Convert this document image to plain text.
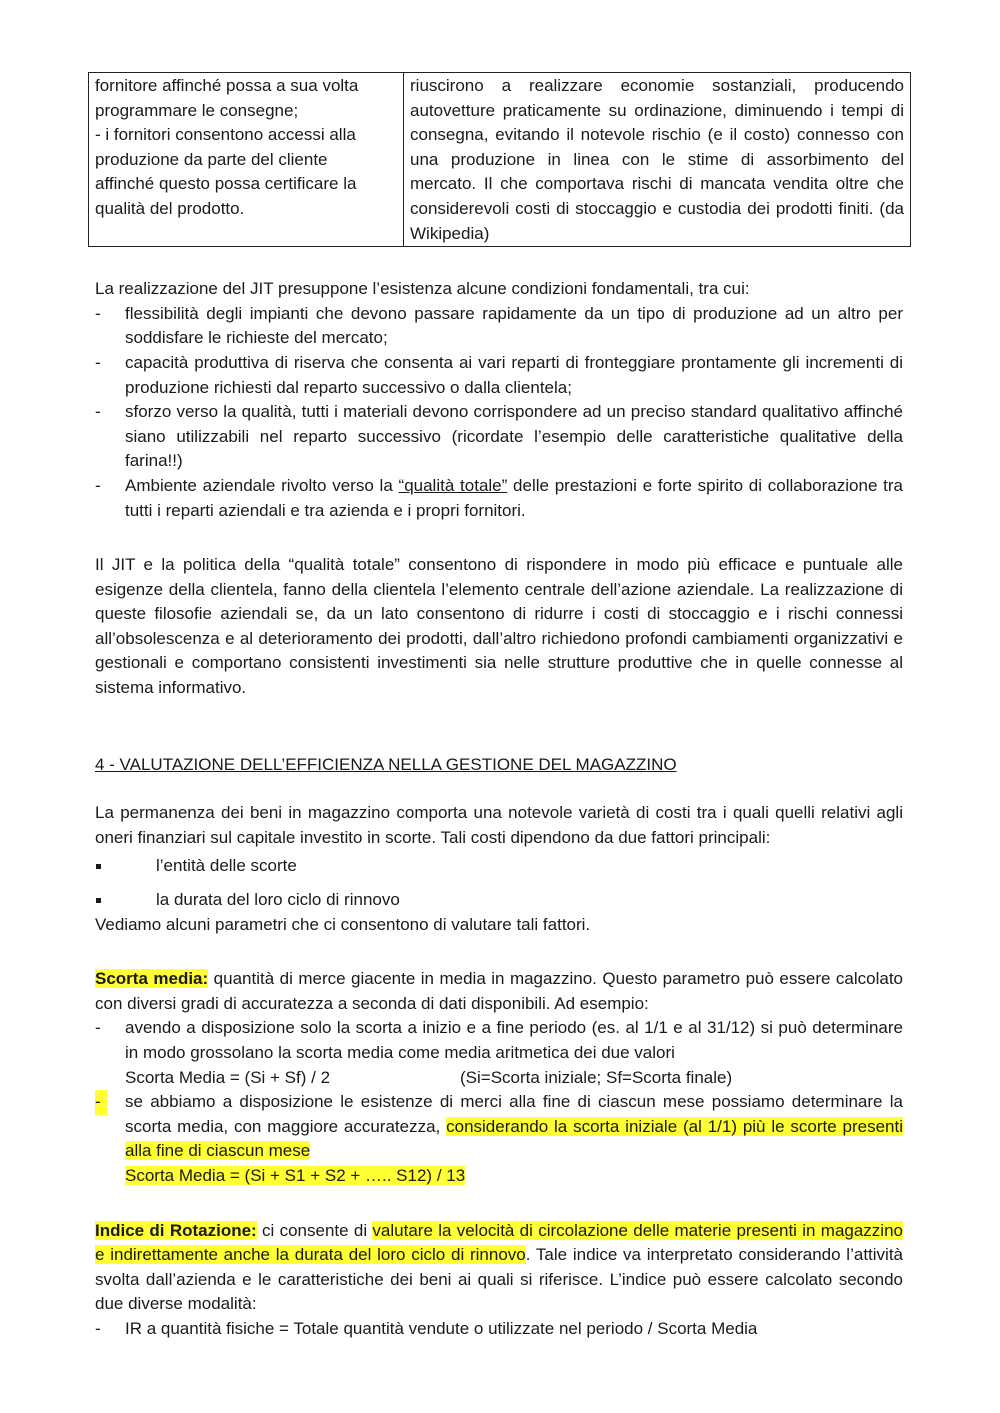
fornitore affinché possa a sua volta
programmare le consegne;
- i fornitori consentono accessi alla
produzione da parte del cliente
affinché questo possa certificare la
qualità del prodotto.
	riuscirono a realizzare economie sostanziali, producendo autovetture praticamente su ordinazione, diminuendo i tempi di consegna, evitando il notevole rischio (e il costo) connesso con una produzione in linea con le stime di assorbimento del mercato. Il che comportava rischi di mancata vendita oltre che considerevoli costi di stoccaggio e custodia dei prodotti finiti. (da Wikipedia)

La realizzazione del JIT presuppone l’esistenza alcune condizioni fondamentali, tra cui:

-	flessibilità degli impianti che devono passare rapidamente da un tipo di produzione ad un altro per soddisfare le richieste del mercato;
-	capacità produttiva di riserva che consenta ai vari reparti di fronteggiare prontamente gli incrementi di produzione richiesti dal reparto successivo o dalla clientela;
-	sforzo verso la qualità, tutti i materiali devono corrispondere ad un preciso standard qualitativo affinché siano utilizzabili nel reparto successivo (ricordate l’esempio delle caratteristiche qualitative della farina!!)
-	Ambiente aziendale rivolto verso la “qualità totale” delle prestazioni e forte spirito di collaborazione tra tutti i reparti aziendali e tra azienda e i propri fornitori.

Il JIT e la politica della “qualità totale” consentono di rispondere in modo più efficace e puntuale alle esigenze della clientela, fanno della clientela l’elemento centrale dell’azione aziendale. La realizzazione di queste filosofie aziendali se, da un lato consentono di ridurre i costi di stoccaggio e i rischi connessi all’obsolescenza e al deterioramento dei prodotti, dall’altro richiedono profondi cambiamenti organizzativi e gestionali e comportano consistenti investimenti sia nelle strutture produttive che in quelle connesse al sistema informativo.

4 - VALUTAZIONE DELL’EFFICIENZA NELLA GESTIONE DEL MAGAZZINO

La permanenza dei beni in magazzino comporta una notevole varietà di costi tra i quali quelli relativi agli oneri finanziari sul capitale investito in scorte. Tali costi dipendono da due fattori principali:

l’entità delle scorte
la durata del loro ciclo di rinnovo

Vediamo alcuni parametri che ci consentono di valutare tali fattori.

Scorta media: quantità di merce giacente in media in magazzino. Questo parametro può essere calcolato con diversi gradi di accuratezza a seconda di dati disponibili. Ad esempio:

-	avendo a disposizione solo la scorta a inizio e a fine periodo (es. al 1/1 e al 31/12) si può determinare in modo grossolano la scorta media come media aritmetica dei due valori
Scorta Media = (Si + Sf) / 2	(Si=Scorta iniziale; Sf=Scorta finale)
-	se abbiamo a disposizione le esistenze di merci alla fine di ciascun mese possiamo determinare la scorta media, con maggiore accuratezza, considerando la scorta iniziale (al 1/1) più le scorte presenti alla fine di ciascun mese
Scorta Media = (Si + S1 + S2 + ….. S12) / 13

Indice di Rotazione: ci consente di valutare la velocità di circolazione delle materie presenti in magazzino e indirettamente anche la durata del loro ciclo di rinnovo. Tale indice va interpretato considerando l’attività svolta dall’azienda e le caratteristiche dei beni ai quali si riferisce. L’indice può essere calcolato secondo due diverse modalità:

-	IR a quantità fisiche = Totale quantità vendute o utilizzate nel periodo / Scorta Media
